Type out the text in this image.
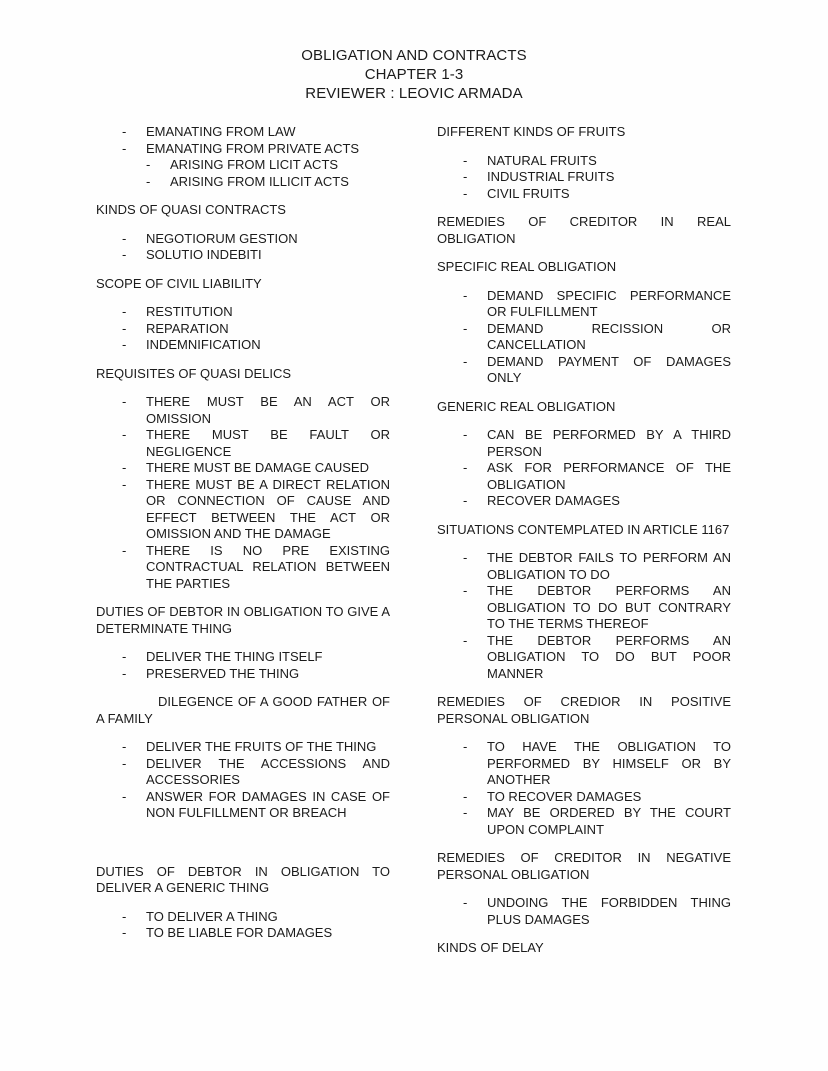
OBLIGATION AND CONTRACTS
CHAPTER 1-3
REVIEWER : LEOVIC ARMADA
-	EMANATING FROM LAW
-	EMANATING FROM PRIVATE ACTS
-	ARISING FROM LICIT ACTS
-	ARISING FROM ILLICIT ACTS
KINDS OF QUASI CONTRACTS
-	NEGOTIORUM GESTION
-	SOLUTIO INDEBITI
SCOPE OF CIVIL LIABILITY
-	RESTITUTION
-	REPARATION
-	INDEMNIFICATION
REQUISITES OF QUASI DELICS
-	THERE MUST BE AN ACT OR OMISSION
-	THERE MUST BE FAULT OR NEGLIGENCE
-	THERE MUST BE DAMAGE CAUSED
-	THERE MUST BE A DIRECT RELATION OR CONNECTION OF CAUSE AND EFFECT BETWEEN THE ACT OR OMISSION AND THE DAMAGE
-	THERE IS NO PRE EXISTING CONTRACTUAL RELATION BETWEEN THE PARTIES
DUTIES OF DEBTOR IN OBLIGATION TO GIVE A DETERMINATE THING
-	DELIVER THE THING ITSELF
-	PRESERVED THE THING
DILEGENCE OF A GOOD FATHER OF A FAMILY
-	DELIVER THE FRUITS OF THE THING
-	DELIVER THE ACCESSIONS AND ACCESSORIES
-	ANSWER FOR DAMAGES IN CASE OF NON FULFILLMENT OR BREACH
DUTIES OF DEBTOR IN OBLIGATION TO DELIVER A GENERIC THING
-	TO DELIVER A THING
-	TO BE LIABLE FOR DAMAGES
DIFFERENT KINDS OF FRUITS
-	NATURAL FRUITS
-	INDUSTRIAL FRUITS
-	CIVIL FRUITS
REMEDIES OF CREDITOR IN REAL OBLIGATION
SPECIFIC REAL OBLIGATION
-	DEMAND SPECIFIC PERFORMANCE OR FULFILLMENT
-	DEMAND RECISSION OR CANCELLATION
-	DEMAND PAYMENT OF DAMAGES ONLY
GENERIC REAL OBLIGATION
-	CAN BE PERFORMED BY A THIRD PERSON
-	ASK FOR PERFORMANCE OF THE OBLIGATION
-	RECOVER DAMAGES
SITUATIONS CONTEMPLATED IN ARTICLE 1167
-	THE DEBTOR FAILS TO PERFORM AN OBLIGATION TO DO
-	THE DEBTOR PERFORMS AN OBLIGATION TO DO BUT CONTRARY TO THE TERMS THEREOF
-	THE DEBTOR PERFORMS AN OBLIGATION TO DO BUT POOR MANNER
REMEDIES OF CREDIOR IN POSITIVE PERSONAL OBLIGATION
-	TO HAVE THE OBLIGATION TO PERFORMED BY HIMSELF OR BY ANOTHER
-	TO RECOVER DAMAGES
-	MAY BE ORDERED BY THE COURT UPON COMPLAINT
REMEDIES OF CREDITOR IN NEGATIVE PERSONAL OBLIGATION
-	UNDOING THE FORBIDDEN THING PLUS DAMAGES
KINDS OF DELAY
